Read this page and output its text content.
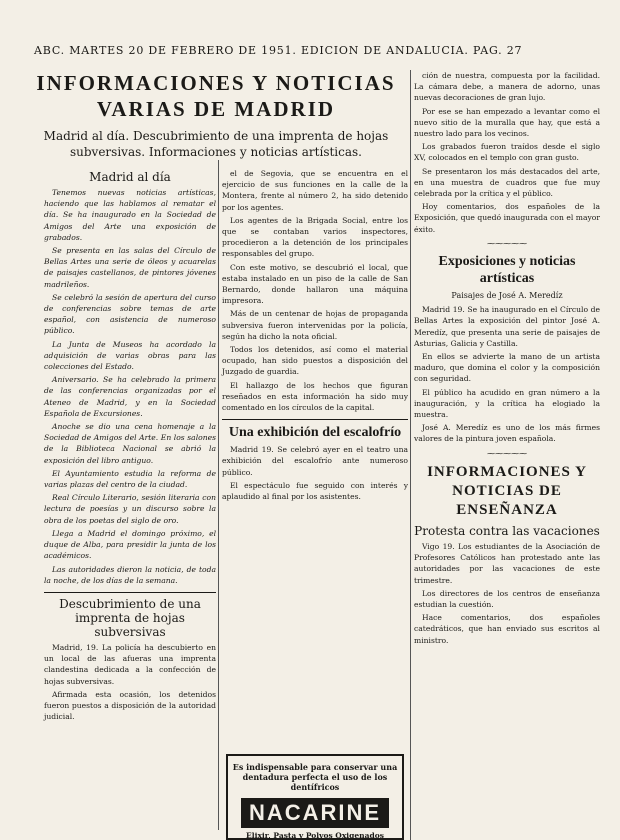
ABC. MARTES 20 DE FEBRERO DE 1951. EDICION DE ANDALUCIA. PAG. 27
INFORMACIONES Y NOTICIAS VARIAS DE MADRID
Madrid al día. Descubrimiento de una imprenta de hojas subversivas. Informaciones y noticias artísticas.
Madrid al día

Tenemos nuevas noticias artísticas, haciendo que las hablamos al rematar el día. Se ha inaugurado en la Sociedad de Amigos del Arte una exposición de grabados.

Se presenta en las salas del Círculo de Bellas Artes una serie de óleos y acuarelas de paisajes castellanos, de pintores jóvenes madrileños.

Se celebró la sesión de apertura del curso de conferencias sobre temas de arte español, con asistencia de numeroso público.

La Junta de Museos ha acordado la adquisición de varias obras para las colecciones del Estado.

Aniversario. Se ha celebrado la primera de las conferencias organizadas por el Ateneo de Madrid, y en la Sociedad Española de Excursiones.

Anoche se dio una cena homenaje a la Sociedad de Amigos del Arte. En los salones de la Biblioteca Nacional se abrió la exposición del libro antiguo.

El Ayuntamiento estudia la reforma de varias plazas del centro de la ciudad.

Real Círculo Literario, sesión literaria con lectura de poesías y un discurso sobre la obra de los poetas del siglo de oro.

Llega a Madrid el domingo próximo, el duque de Alba, para presidir la junta de los académicos.

Las autoridades dieron la noticia, de toda la noche, de los días de la semana.

Descubrimiento de una imprenta de hojas subversivas

Madrid, 19. La policía ha descubierto en un local de las afueras una imprenta clandestina dedicada a la confección de hojas subversivas.

Afirmada esta ocasión, los detenidos fueron puestos a disposición de la autoridad judicial.

el de Segovia, que se encuentra en el ejercicio de sus funciones en la calle de la Montera, frente al número 2, ha sido detenido por los agentes.

Los agentes de la Brigada Social, entre los que se contaban varios inspectores, procedieron a la detención de los principales responsables del grupo.

Con este motivo, se descubrió el local, que estaba instalado en un piso de la calle de San Bernardo, donde hallaron una máquina impresora.

Más de un centenar de hojas de propaganda subversiva fueron intervenidas por la policía, según ha dicho la nota oficial.

Todos los detenidos, así como el material ocupado, han sido puestos a disposición del Juzgado de guardia.

El hallazgo de los hechos que figuran reseñados en esta información ha sido muy comentado en los círculos de la capital.

Una exhibición del escalofrío

Madrid 19. Se celebró ayer en el teatro una exhibición del escalofrío ante numeroso público.

El espectáculo fue seguido con interés y aplaudido al final por los asistentes.

Es indispensable para conservar una dentadura perfecta el uso de los dentífricos
NACARINE
Elixir, Pasta y Polvos Oxigenados

ción de nuestra, compuesta por la facilidad. La cámara debe, a manera de adorno, unas nuevas decoraciones de gran lujo.

Por ese se han empezado a levantar como el nuevo sitio de la muralla que hay, que está a nuestro lado para los vecinos.

Los grabados fueron traídos desde el siglo XV, colocados en el templo con gran gusto.

Se presentaron los más destacados del arte, en una muestra de cuadros que fue muy celebrada por la crítica y el público.

Hoy comentarios, dos españoles de la Exposición, que quedó inaugurada con el mayor éxito.

⁓⁓⁓⁓⁓
Exposiciones y noticias artísticas
Paisajes de José A. Meredíz

Madrid 19. Se ha inaugurado en el Círculo de Bellas Artes la exposición del pintor José A. Meredíz, que presenta una serie de paisajes de Asturias, Galicia y Castilla.

En ellos se advierte la mano de un artista maduro, que domina el color y la composición con seguridad.

El público ha acudido en gran número a la inauguración, y la crítica ha elogiado la muestra.

José A. Meredíz es uno de los más firmes valores de la pintura joven española.

⁓⁓⁓⁓⁓
INFORMACIONES Y NOTICIAS DE ENSEÑANZA
Protesta contra las vacaciones

Vigo 19. Los estudiantes de la Asociación de Profesores Católicos han protestado ante las autoridades por las vacaciones de este trimestre.

Los directores de los centros de enseñanza estudian la cuestión.

Hace comentarios, dos españoles catedráticos, que han enviado sus escritos al ministro.
